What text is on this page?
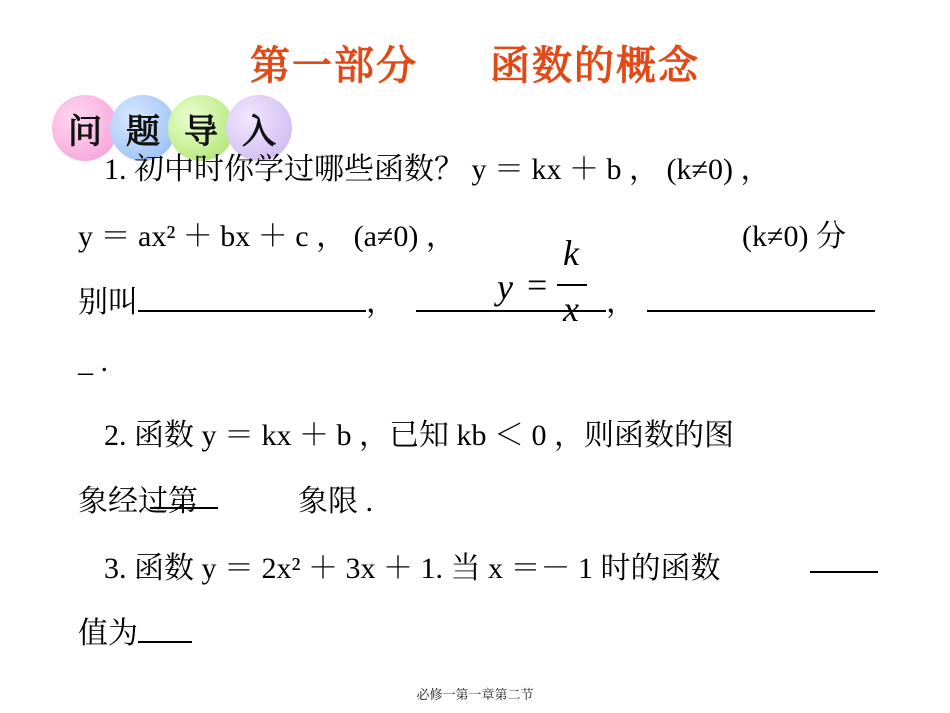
第一部分 函数的概念
问 题 导 入
1. 初中时你学过哪些函数？ y ＝ kx ＋ b ， (k≠0) ，
y ＝ ax² ＋ bx ＋ c ， (a≠0) ，	(k≠0) 分
y =
k
x
别叫	，	，
_ .
2. 函数 y ＝ kx ＋ b ，已知 kb ＜ 0 ，则函数的图
象经过第	象限 .
3. 函数 y ＝ 2x² ＋ 3x ＋ 1. 当 x ＝－ 1 时的函数
值为
必修一第一章第二节
